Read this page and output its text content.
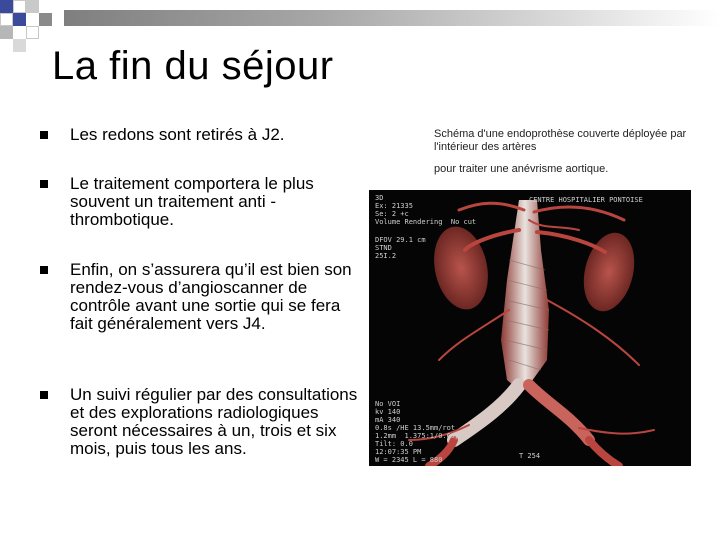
La fin du séjour
Les redons sont retirés à J2.
Le traitement comportera le plus souvent un traitement anti -thrombotique.
Enfin, on s’assurera qu’il est bien son rendez-vous d’angioscanner de contrôle avant une sortie qui se fera fait généralement vers J4.
Un suivi régulier par des consultations et des explorations radiologiques seront nécessaires à un, trois et six mois, puis tous les ans.
Schéma d'une endoprothèse couverte déployée par l'intérieur des artères
pour traiter une anévrisme aortique.
3D
Ex: 21335
Se: 2 +c
Volume Rendering  No cut
DFOV 29.1 cm
STND
25I.2
CENTRE HOSPITALIER PONTOISE
No VOI
kv 140
mA 340
0.8s /HE 13.5mm/rot
1.2mm  1.375:1/0.6sp
Tilt: 0.0
12:07:35 PM
W = 2345 L = 880	T 254
